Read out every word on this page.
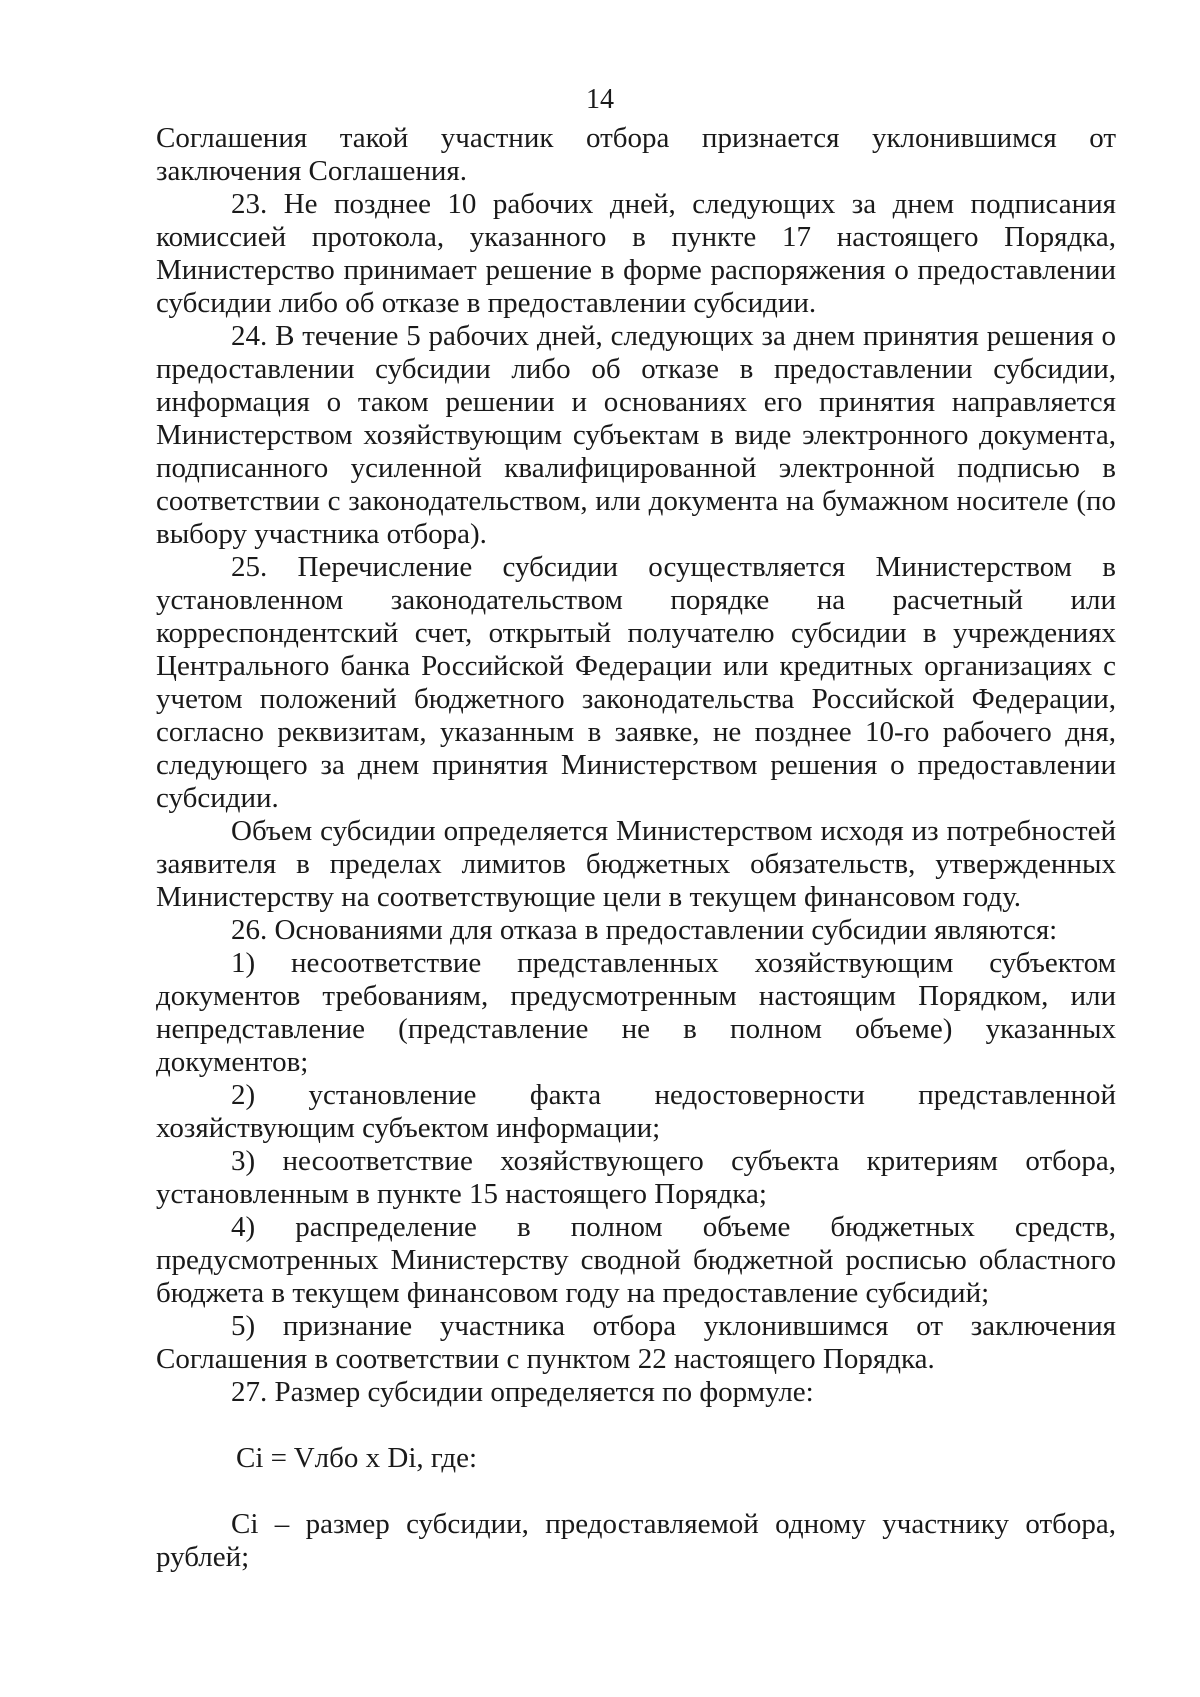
14

Соглашения такой участник отбора признается уклонившимся от заключения Соглашения.

23. Не позднее 10 рабочих дней, следующих за днем подписания комиссией протокола, указанного в пункте 17 настоящего Порядка, Министерство принимает решение в форме распоряжения о предоставлении субсидии либо об отказе в предоставлении субсидии.

24. В течение 5 рабочих дней, следующих за днем принятия решения о предоставлении субсидии либо об отказе в предоставлении субсидии, информация о таком решении и основаниях его принятия направляется Министерством хозяйствующим субъектам в виде электронного документа, подписанного усиленной квалифицированной электронной подписью в соответствии с законодательством, или документа на бумажном носителе (по выбору участника отбора).

25. Перечисление субсидии осуществляется Министерством в установленном законодательством порядке на расчетный или корреспондентский счет, открытый получателю субсидии в учреждениях Центрального банка Российской Федерации или кредитных организациях с учетом положений бюджетного законодательства Российской Федерации, согласно реквизитам, указанным в заявке, не позднее 10-го рабочего дня, следующего за днем принятия Министерством решения о предоставлении субсидии.

Объем субсидии определяется Министерством исходя из потребностей заявителя в пределах лимитов бюджетных обязательств, утвержденных Министерству на соответствующие цели в текущем финансовом году.

26. Основаниями для отказа в предоставлении субсидии являются:

1) несоответствие представленных хозяйствующим субъектом документов требованиям, предусмотренным настоящим Порядком, или непредставление (представление не в полном объеме) указанных документов;

2) установление факта недостоверности представленной хозяйствующим субъектом информации;

3) несоответствие хозяйствующего субъекта критериям отбора, установленным в пункте 15 настоящего Порядка;

4) распределение в полном объеме бюджетных средств, предусмотренных Министерству сводной бюджетной росписью областного бюджета в текущем финансовом году на предоставление субсидий;

5) признание участника отбора уклонившимся от заключения Соглашения в соответствии с пунктом 22 настоящего Порядка.

27. Размер субсидии определяется по формуле:

Ci = Vлбо x Di, где:

Ci – размер субсидии, предоставляемой одному участнику отбора, рублей;
